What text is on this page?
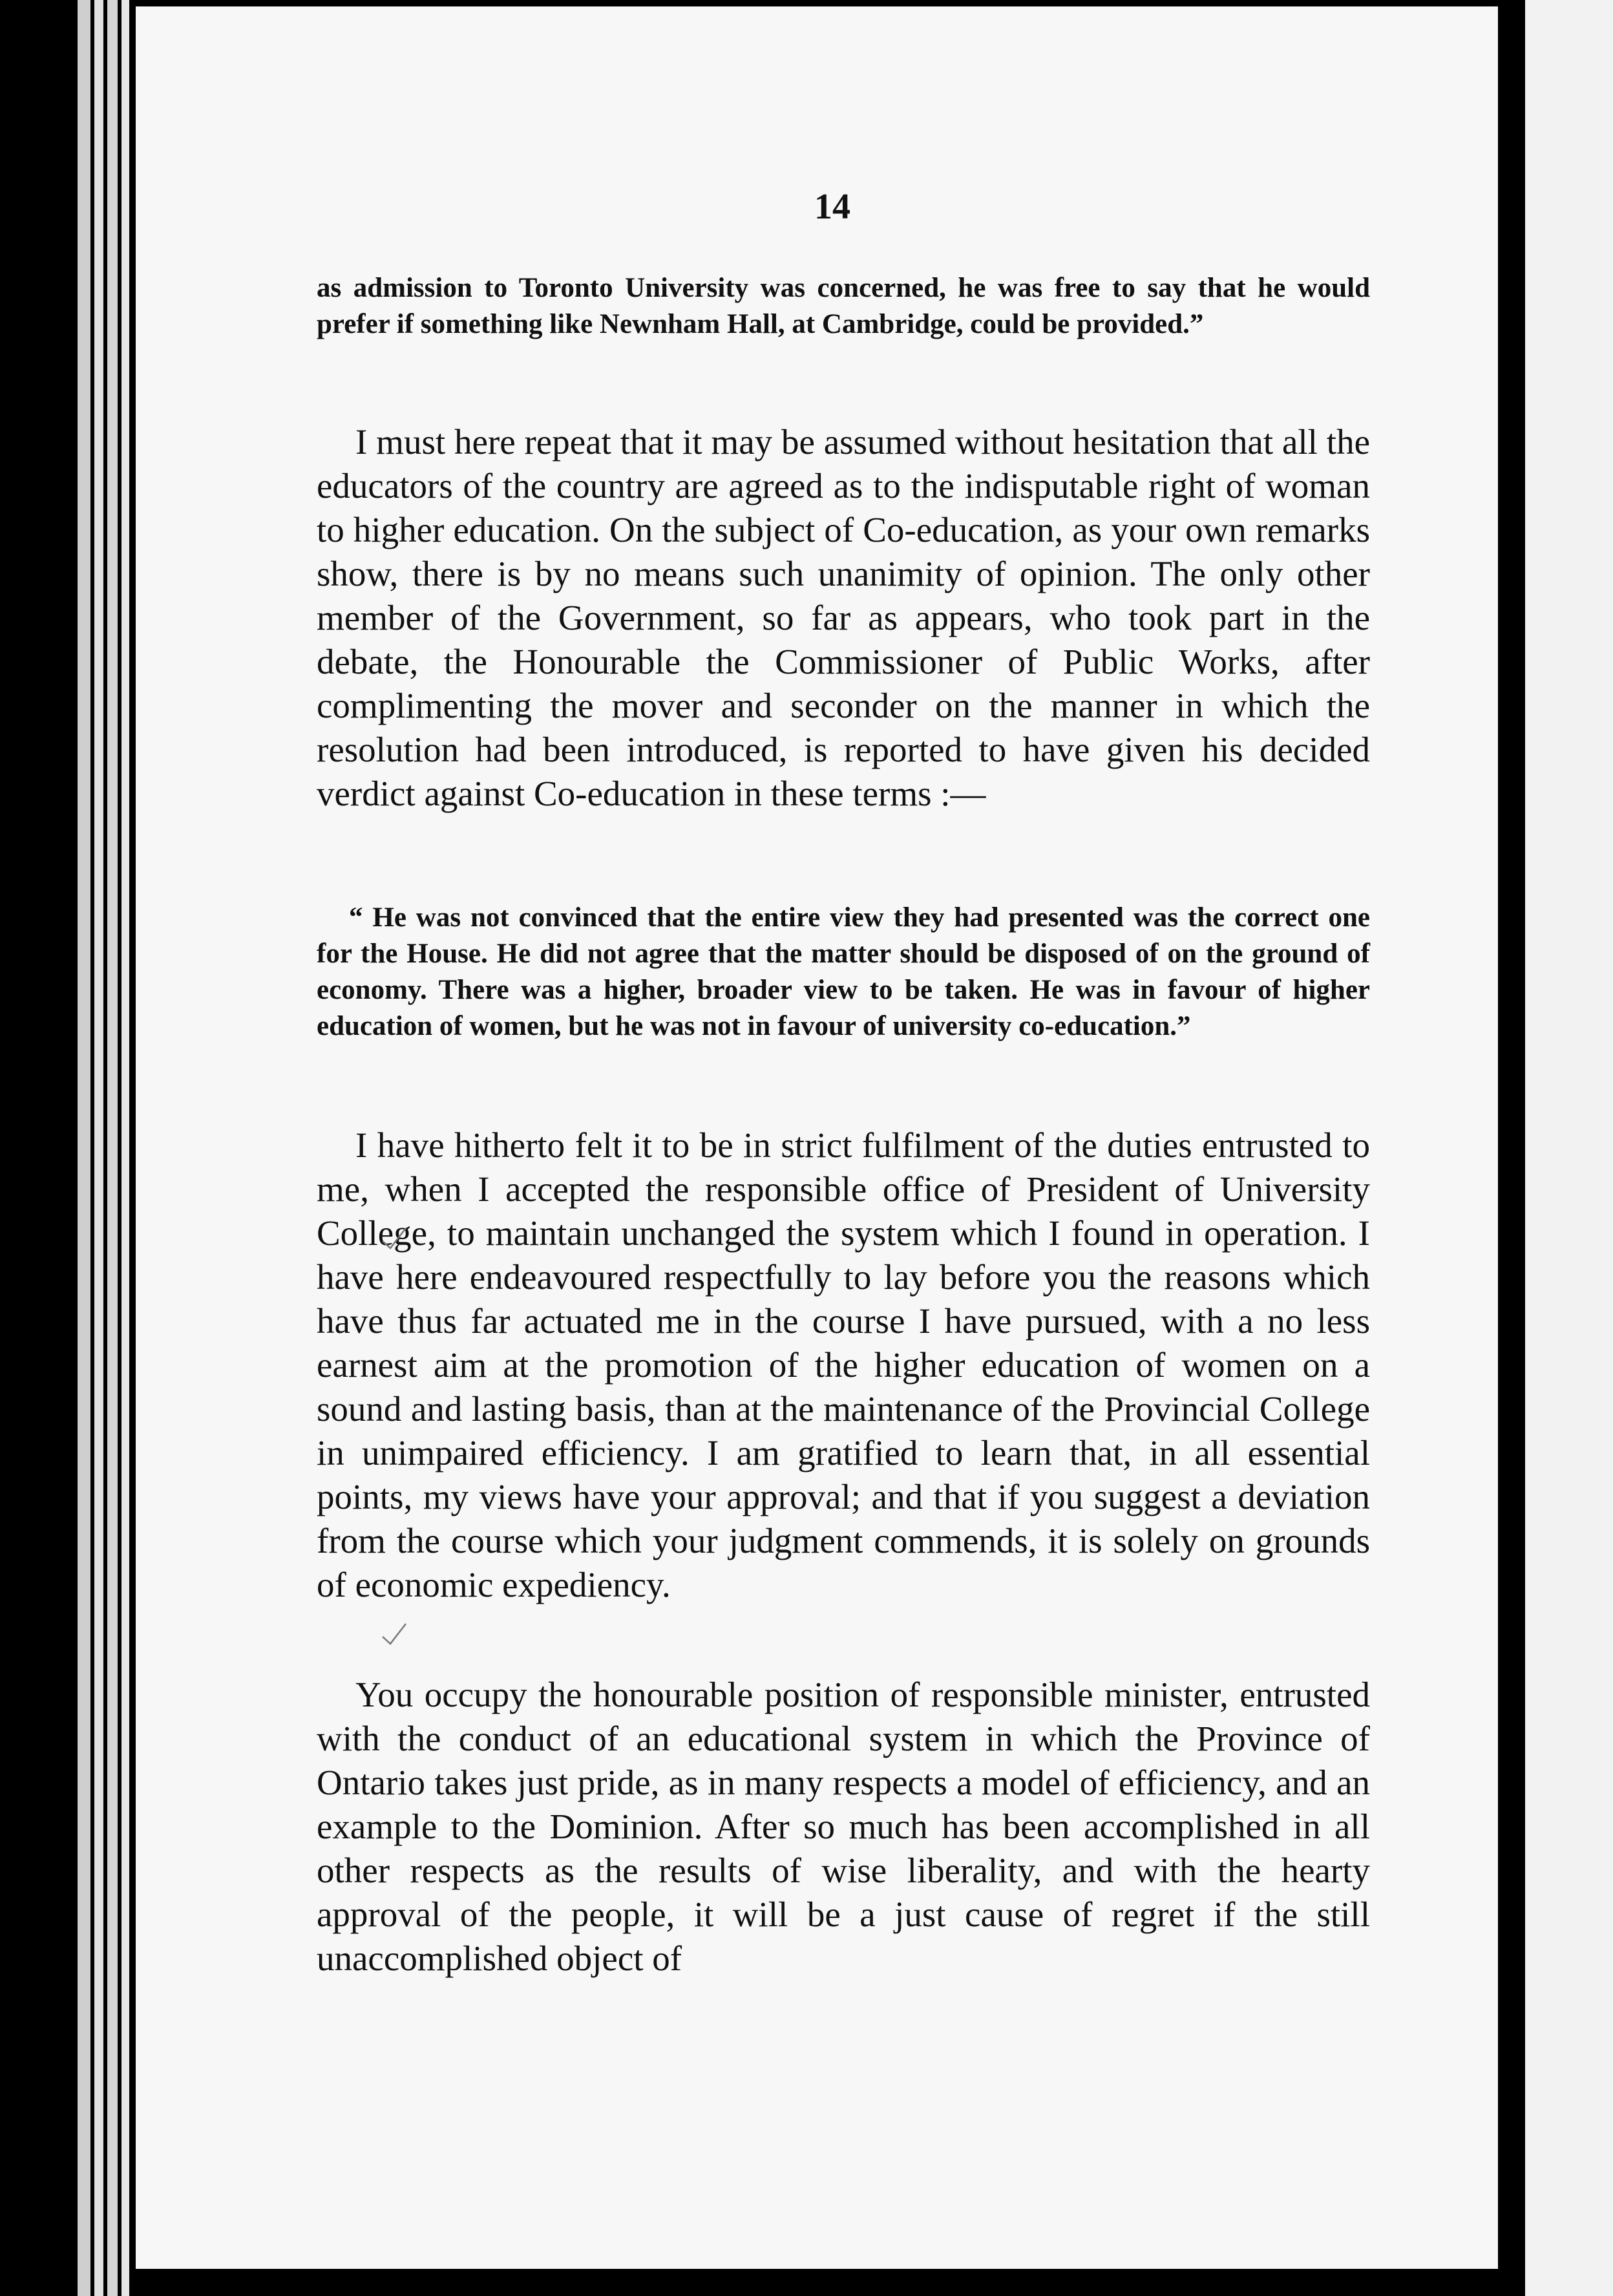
14
as admission to Toronto University was concerned, he was free to say that he would prefer if something like Newnham Hall, at Cambridge, could be provided.”
I must here repeat that it may be assumed without hesitation that all the educators of the country are agreed as to the indisputable right of woman to higher education. On the subject of Co-education, as your own remarks show, there is by no means such unanimity of opinion. The only other member of the Government, so far as appears, who took part in the debate, the Honourable the Commissioner of Public Works, after complimenting the mover and seconder on the manner in which the resolution had been introduced, is reported to have given his decided verdict against Co-education in these terms :—
“ He was not convinced that the entire view they had presented was the correct one for the House. He did not agree that the matter should be disposed of on the ground of economy. There was a higher, broader view to be taken. He was in favour of higher education of women, but he was not in favour of university co-education.”
I have hitherto felt it to be in strict fulfilment of the duties entrusted to me, when I accepted the responsible office of President of University College, to maintain unchanged the system which I found in operation. I have here endeavoured respectfully to lay before you the reasons which have thus far actuated me in the course I have pursued, with a no less earnest aim at the promotion of the higher education of women on a sound and lasting basis, than at the maintenance of the Provincial College in unimpaired efficiency. I am gratified to learn that, in all essential points, my views have your approval; and that if you suggest a deviation from the course which your judgment commends, it is solely on grounds of economic expediency.
You occupy the honourable position of responsible minister, entrusted with the conduct of an educational system in which the Province of Ontario takes just pride, as in many respects a model of efficiency, and an example to the Dominion. After so much has been accomplished in all other respects as the results of wise liberality, and with the hearty approval of the people, it will be a just cause of regret if the still unaccomplished object of
